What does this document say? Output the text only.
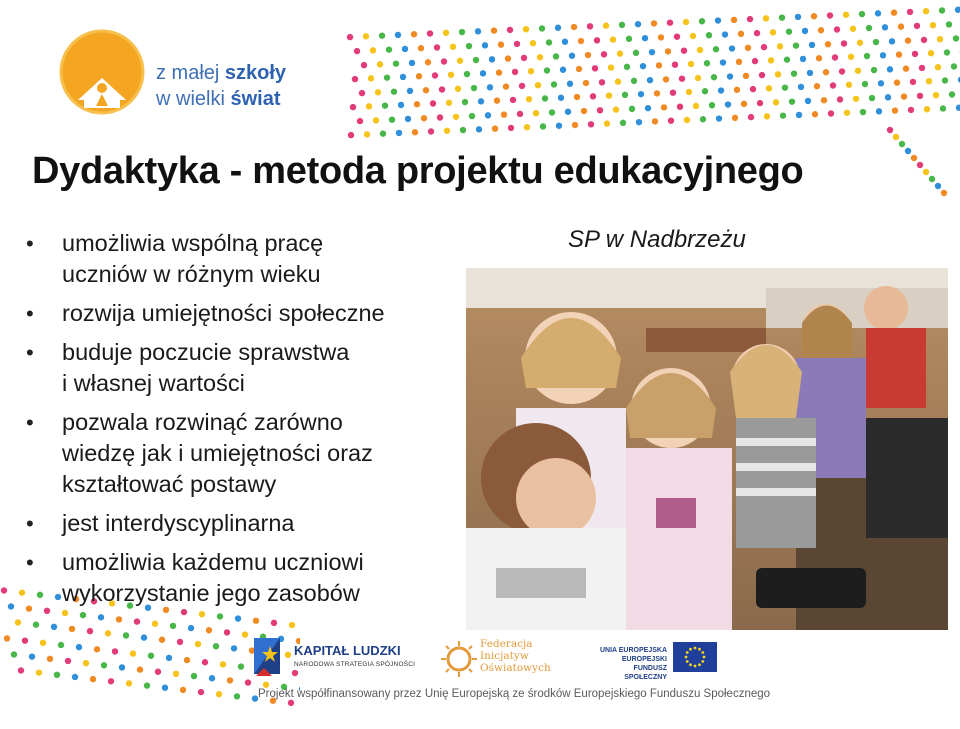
z małej szkoły
w wielki świat
Dydaktyka - metoda projektu edukacyjnego
• umożliwia wspólną pracę
uczniów w różnym wieku
• rozwija umiejętności społeczne
• buduje poczucie sprawstwa
i własnej wartości
• pozwala rozwinąć zarówno
wiedzę jak i umiejętności oraz
kształtować postawy
• jest interdyscyplinarna
• umożliwia każdemu uczniowi
wykorzystanie jego zasobów
SP w Nadbrzeżu
KAPITAŁ LUDZKI
NARODOWA STRATEGIA SPÓJNOŚCI
Federacja
Inicjatyw
Oświatowych
UNIA EUROPEJSKA
EUROPEJSKI
FUNDUSZ SPOŁECZNY
Projekt współfinansowany przez Unię Europejską ze środków Europejskiego Funduszu Społecznego
